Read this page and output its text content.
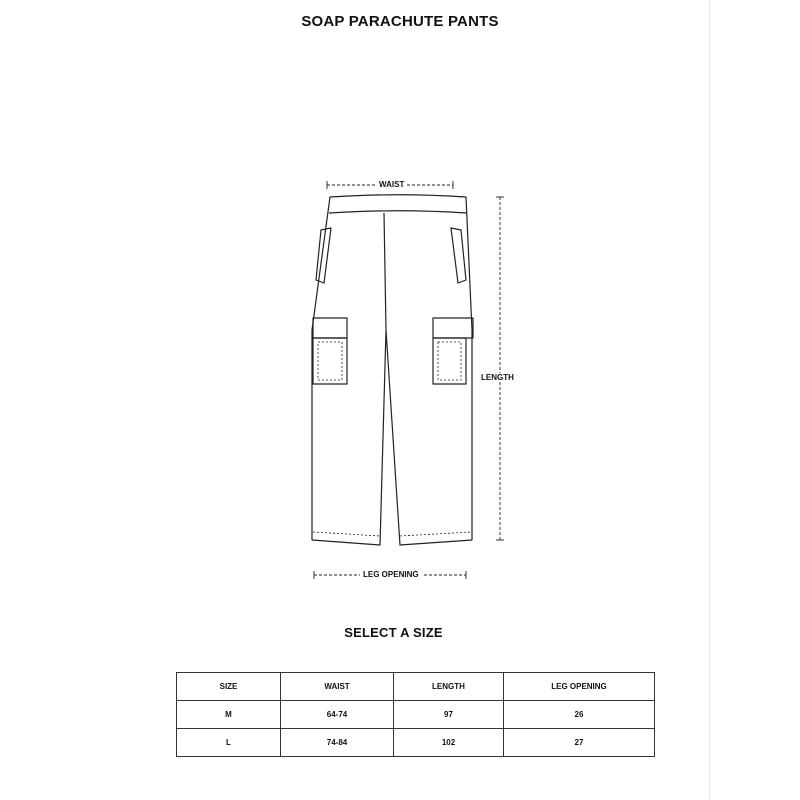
SOAP PARACHUTE PANTS
WAIST
LENGTH
LEG OPENING
SELECT A SIZE
SIZE	WAIST	LENGTH	LEG OPENING
M	64-74	97	26
L	74-84	102	27
